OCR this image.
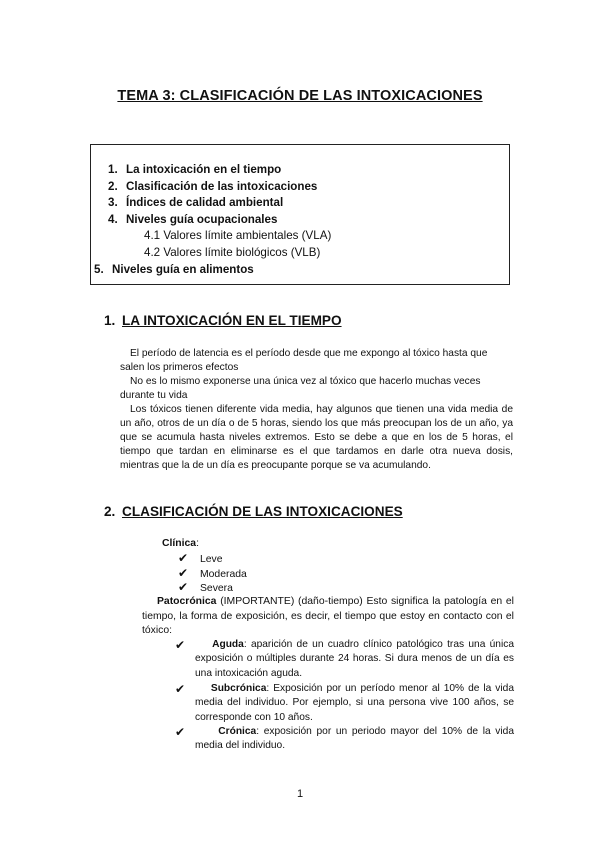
TEMA 3: CLASIFICACIÓN DE LAS INTOXICACIONES
1. La intoxicación en el tiempo
2. Clasificación de las intoxicaciones
3. Índices de calidad ambiental
4. Niveles guía ocupacionales
4.1 Valores límite ambientales (VLA)
4.2 Valores límite biológicos (VLB)
5. Niveles guía en alimentos
1. LA INTOXICACIÓN EN EL TIEMPO

El período de latencia es el período desde que me expongo al tóxico hasta que salen los primeros efectos

No es lo mismo exponerse una única vez al tóxico que hacerlo muchas veces durante tu vida

Los tóxicos tienen diferente vida media, hay algunos que tienen una vida media de un año, otros de un día o de 5 horas, siendo los que más preocupan los de un año, ya que se acumula hasta niveles extremos. Esto se debe a que en los de 5 horas, el tiempo que tardan en eliminarse es el que tardamos en darle otra nueva dosis, mientras que la de un día es preocupante porque se va acumulando.

2. CLASIFICACIÓN DE LAS INTOXICACIONES
Clínica:
✔ Leve
✔ Moderada
✔ Severa
Patocrónica (IMPORTANTE) (daño-tiempo) Esto significa la patología en el tiempo, la forma de exposición, es decir, el tiempo que estoy en contacto con el tóxico:
✔	Aguda: aparición de un cuadro clínico patológico tras una única exposición o múltiples durante 24 horas. Si dura menos de un día es una intoxicación aguda.
✔	Subcrónica: Exposición por un período menor al 10% de la vida media del individuo. Por ejemplo, si una persona vive 100 años, se corresponde con 10 años.
✔	Crónica: exposición por un periodo mayor del 10% de la vida media del individuo.
1
